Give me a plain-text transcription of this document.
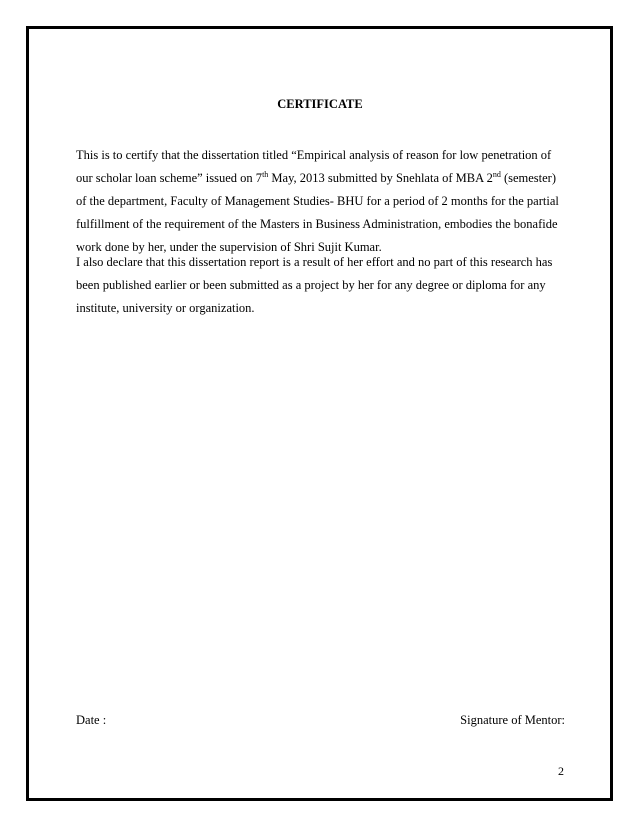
CERTIFICATE

This is to certify that the dissertation titled “Empirical analysis of reason for low penetration of
our scholar loan scheme” issued on 7th May, 2013 submitted by Snehlata of MBA 2nd (semester)
of the department, Faculty of Management Studies- BHU for a period of 2 months for the partial
fulfillment of the requirement of the Masters in Business Administration, embodies the bonafide
work done by her, under the supervision of Shri Sujit Kumar.

I also declare that this dissertation report is a result of her effort and no part of this research has
been published earlier or been submitted as a project by her for any degree or diploma for any
institute, university or organization.

Date :	Signature of Mentor:

2
